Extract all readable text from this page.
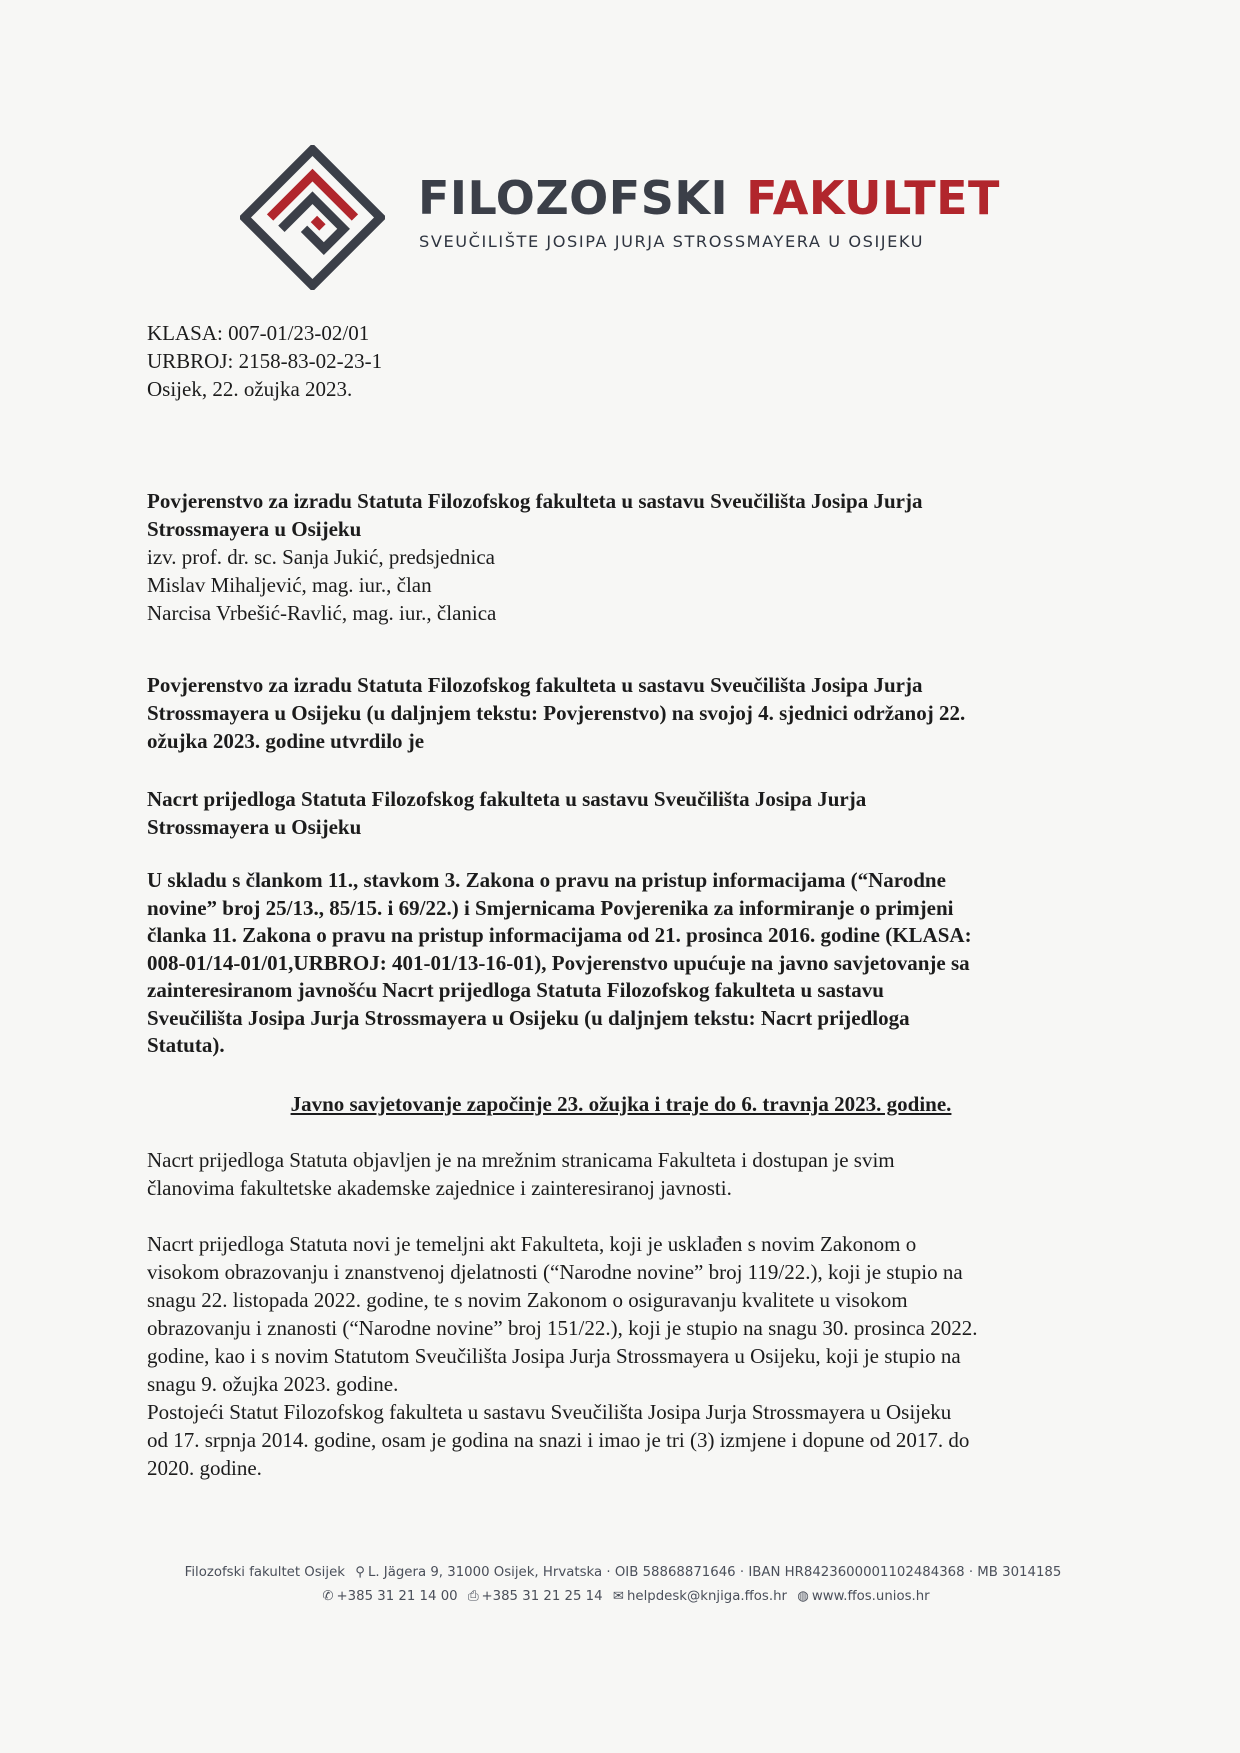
FILOZOFSKI FAKULTET
SVEUČILIŠTE JOSIPA JURJA STROSSMAYERA U OSIJEKU
KLASA: 007-01/23-02/01
URBROJ: 2158-83-02-23-1
Osijek, 22. ožujka 2023.
Povjerenstvo za izradu Statuta Filozofskog fakulteta u sastavu Sveučilišta Josipa Jurja
Strossmayera u Osijeku
izv. prof. dr. sc. Sanja Jukić, predsjednica
Mislav Mihaljević, mag. iur., član
Narcisa Vrbešić-Ravlić, mag. iur., članica
Povjerenstvo za izradu Statuta Filozofskog fakulteta u sastavu Sveučilišta Josipa Jurja
Strossmayera u Osijeku (u daljnjem tekstu: Povjerenstvo) na svojoj 4. sjednici održanoj 22.
ožujka 2023. godine utvrdilo je
Nacrt prijedloga Statuta Filozofskog fakulteta u sastavu Sveučilišta Josipa Jurja
Strossmayera u Osijeku
U skladu s člankom 11., stavkom 3. Zakona o pravu na pristup informacijama (“Narodne
novine” broj 25/13., 85/15. i 69/22.) i Smjernicama Povjerenika za informiranje o primjeni
članka 11. Zakona o pravu na pristup informacijama od 21. prosinca 2016. godine (KLASA:
008-01/14-01/01,URBROJ: 401-01/13-16-01), Povjerenstvo upućuje na javno savjetovanje sa
zainteresiranom javnošću Nacrt prijedloga Statuta Filozofskog fakulteta u sastavu
Sveučilišta Josipa Jurja Strossmayera u Osijeku (u daljnjem tekstu: Nacrt prijedloga
Statuta).
Javno savjetovanje započinje 23. ožujka i traje do 6. travnja 2023. godine.
Nacrt prijedloga Statuta objavljen je na mrežnim stranicama Fakulteta i dostupan je svim
članovima fakultetske akademske zajednice i zainteresiranoj javnosti.
Nacrt prijedloga Statuta novi je temeljni akt Fakulteta, koji je usklađen s novim Zakonom o
visokom obrazovanju i znanstvenoj djelatnosti (“Narodne novine” broj 119/22.), koji je stupio na
snagu 22. listopada 2022. godine, te s novim Zakonom o osiguravanju kvalitete u visokom
obrazovanju i znanosti (“Narodne novine” broj 151/22.), koji je stupio na snagu 30. prosinca 2022.
godine, kao i s novim Statutom Sveučilišta Josipa Jurja Strossmayera u Osijeku, koji je stupio na
snagu 9. ožujka 2023. godine.
Postojeći Statut Filozofskog fakulteta u sastavu Sveučilišta Josipa Jurja Strossmayera u Osijeku
od 17. srpnja 2014. godine, osam je godina na snazi i imao je tri (3) izmjene i dopune od 2017. do
2020. godine.
Filozofski fakultet Osijek ⚲ L. Jägera 9, 31000 Osijek, Hrvatska · OIB 58868871646 · IBAN HR8423600001102484368 · MB 3014185
✆ +385 31 21 14 00 ⎙ +385 31 21 25 14 ✉ helpdesk@knjiga.ffos.hr ◍ www.ffos.unios.hr
